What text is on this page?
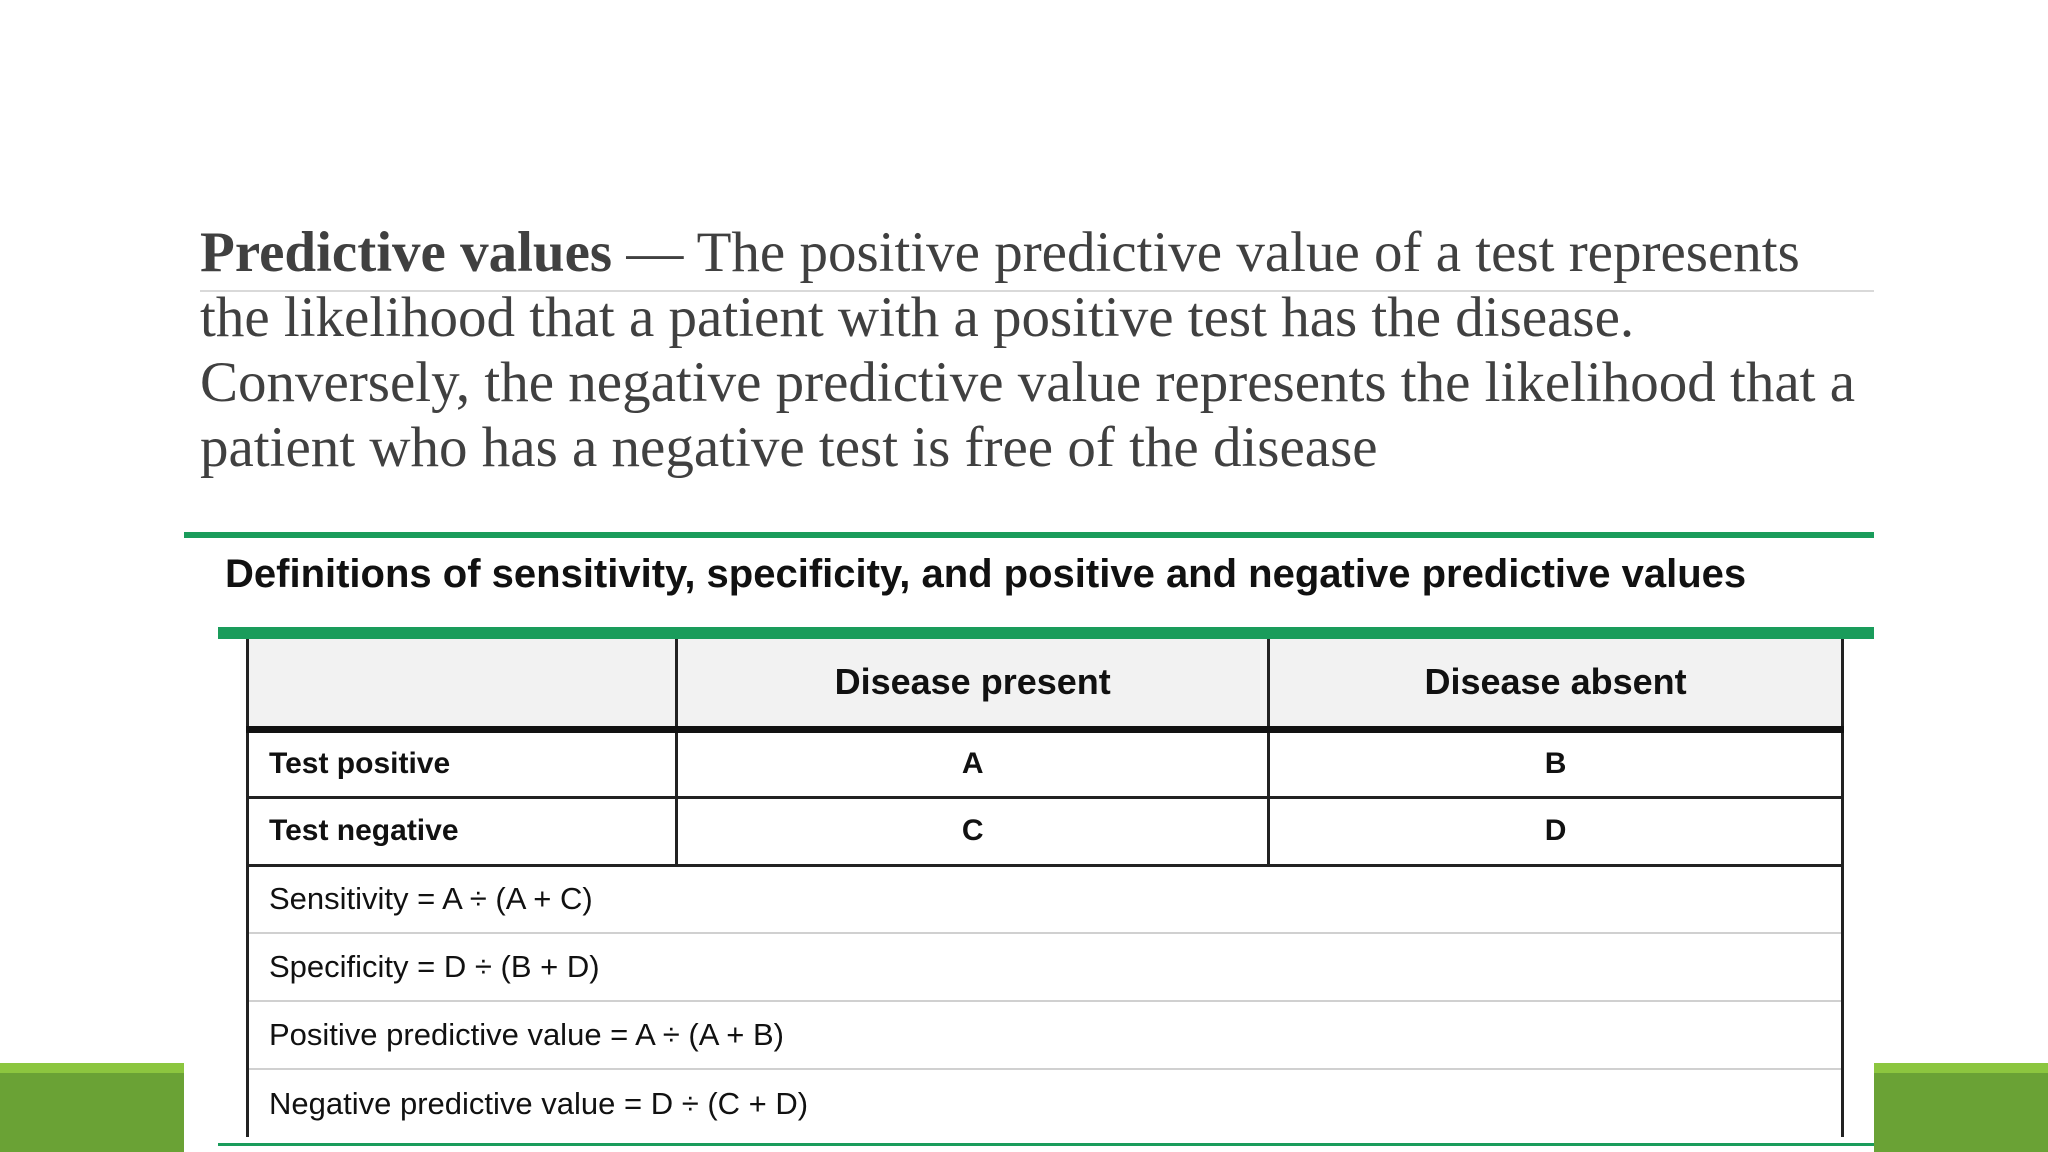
Predictive values — The positive predictive value of a test represents the likelihood that a patient with a positive test has the disease. Conversely, the negative predictive value represents the likelihood that a patient who has a negative test is free of the disease

Definitions of sensitivity, specificity, and positive and negative predictive values
	Disease present	Disease absent
Test positive	A	B
Test negative	C	D
Sensitivity = A ÷ (A + C)		
Specificity = D ÷ (B + D)		
Positive predictive value = A ÷ (A + B)		
Negative predictive value = D ÷ (C + D)		
